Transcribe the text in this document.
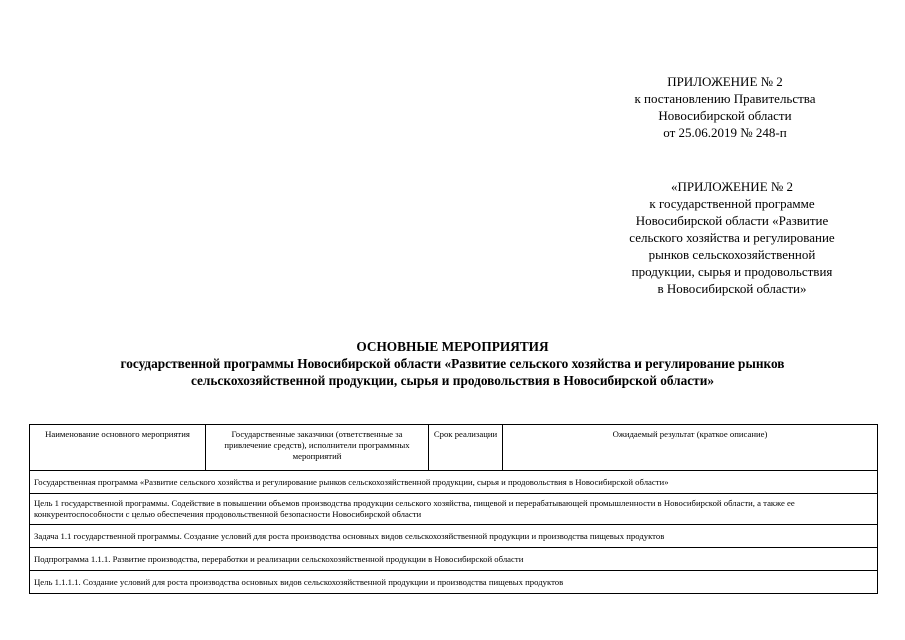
ПРИЛОЖЕНИЕ № 2
к постановлению Правительства
Новосибирской области
от 25.06.2019 № 248-п
«ПРИЛОЖЕНИЕ № 2
к государственной программе
Новосибирской области «Развитие
сельского хозяйства и регулирование
рынков сельскохозяйственной
продукции, сырья и продовольствия
в Новосибирской области»
ОСНОВНЫЕ МЕРОПРИЯТИЯ
государственной программы Новосибирской области «Развитие сельского хозяйства и регулирование рынков
сельскохозяйственной продукции, сырья и продовольствия в Новосибирской области»
Наименование основного мероприятия	Государственные заказчики (ответственные за привлечение средств), исполнители программных мероприятий	Срок реализации	Ожидаемый результат (краткое описание)
Государственная программа «Развитие сельского хозяйства и регулирование рынков сельскохозяйственной продукции, сырья и продовольствия в Новосибирской области»
Цель 1 государственной программы. Содействие в повышении объемов производства продукции сельского хозяйства, пищевой и перерабатывающей промышленности в Новосибирской области, а также ее конкурентоспособности с целью обеспечения продовольственной безопасности Новосибирской области
Задача 1.1 государственной программы. Создание условий для роста производства основных видов сельскохозяйственной продукции и производства пищевых продуктов
Подпрограмма 1.1.1. Развитие производства, переработки и реализации сельскохозяйственной продукции в Новосибирской области
Цель 1.1.1.1. Создание условий для роста производства основных видов сельскохозяйственной продукции и производства пищевых продуктов
